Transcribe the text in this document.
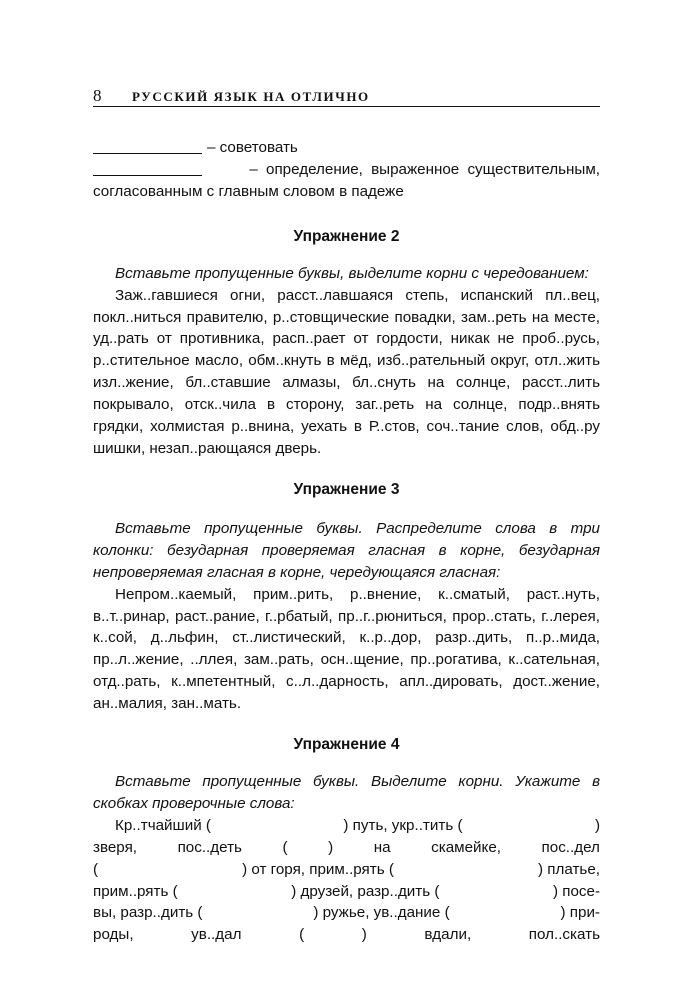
8	РУССКИЙ ЯЗЫК НА ОТЛИЧНО
– советовать
– определение, выраженное существительным,
согласованным с главным словом в падеже
Упражнение 2

Вставьте пропущенные буквы, выделите корни с чередованием:

Заж..гавшиеся огни, расст..лавшаяся степь, испанский пл..вец, покл..ниться правителю, р..стовщические повадки, зам..реть на месте, уд..рать от противника, расп..рает от гордости, никак не проб..русь, р..стительное масло, обм..кнуть в мёд, изб..рательный округ, отл..жить изл..жение, бл..ставшие алмазы, бл..снуть на солнце, расст..лить покрывало, отск..чила в сторону, заг..реть на солнце, подр..внять грядки, холмистая р..внина, уехать в Р..стов, соч..тание слов, обд..ру шишки, незап..рающаяся дверь.

Упражнение 3

Вставьте пропущенные буквы. Распределите слова в три колонки: безударная проверяемая гласная в корне, безударная непроверяемая гласная в корне, чередующаяся гласная:

Непром..каемый, прим..рить, р..внение, к..сматый, раст..нуть, в..т..ринар, раст..рание, г..рбатый, пр..г..рюниться, прор..стать, г..лерея, к..сой, д..льфин, ст..листический, к..р..дор, разр..дить, п..р..мида, пр..л..жение, ..ллея, зам..рать, осн..щение, пр..рогатива, к..сательная, отд..рать, к..мпетентный, с..л..дарность, апл..дировать, дост..жение, ан..малия, зан..мать.

Упражнение 4

Вставьте пропущенные буквы. Выделите корни. Укажите в скобках проверочные слова:

Кр..тчайший (	) путь, укр..тить (	)
зверя,	пос..деть	(	)	на	скамейке,	пос..дел
(	) от горя, прим..рять (	) платье,
прим..рять (	) друзей, разр..дить (	) посе-
вы, разр..дить (	) ружье, ув..дание (	) при-
роды,	ув..дал	(	)	вдали,	пол..скать
